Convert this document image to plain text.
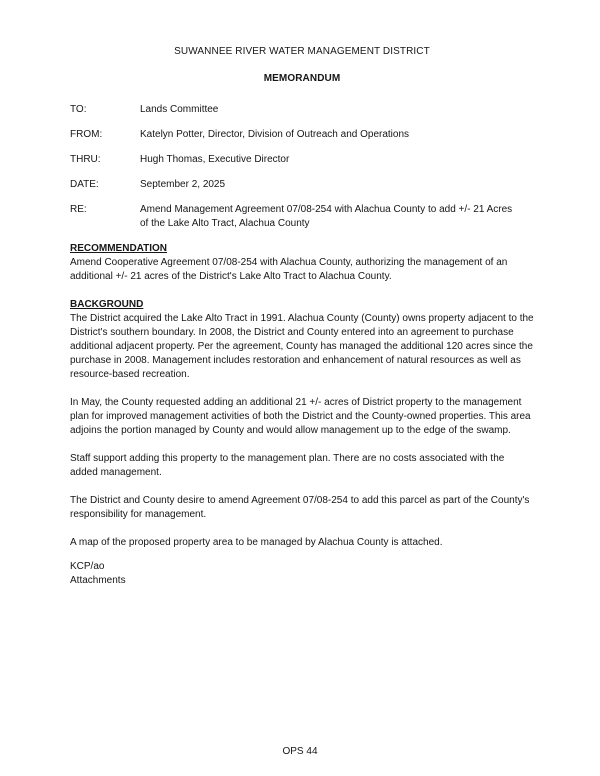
SUWANNEE RIVER WATER MANAGEMENT DISTRICT
MEMORANDUM
TO:	Lands Committee
FROM:	Katelyn Potter, Director, Division of Outreach and Operations
THRU:	Hugh Thomas, Executive Director
DATE:	September 2, 2025
RE:	Amend Management Agreement 07/08-254 with Alachua County to add +/- 21 Acres of the Lake Alto Tract, Alachua County
RECOMMENDATION

Amend Cooperative Agreement 07/08-254 with Alachua County, authorizing the management of an additional +/- 21 acres of the District's Lake Alto Tract to Alachua County.

BACKGROUND

The District acquired the Lake Alto Tract in 1991. Alachua County (County) owns property adjacent to the District's southern boundary. In 2008, the District and County entered into an agreement to purchase additional adjacent property. Per the agreement, County has managed the additional 120 acres since the purchase in 2008. Management includes restoration and enhancement of natural resources as well as resource-based recreation.

In May, the County requested adding an additional 21 +/- acres of District property to the management plan for improved management activities of both the District and the County-owned properties. This area adjoins the portion managed by County and would allow management up to the edge of the swamp.

Staff support adding this property to the management plan. There are no costs associated with the added management.

The District and County desire to amend Agreement 07/08-254 to add this parcel as part of the County's responsibility for management.

A map of the proposed property area to be managed by Alachua County is attached.

KCP/ao
Attachments
OPS 44
